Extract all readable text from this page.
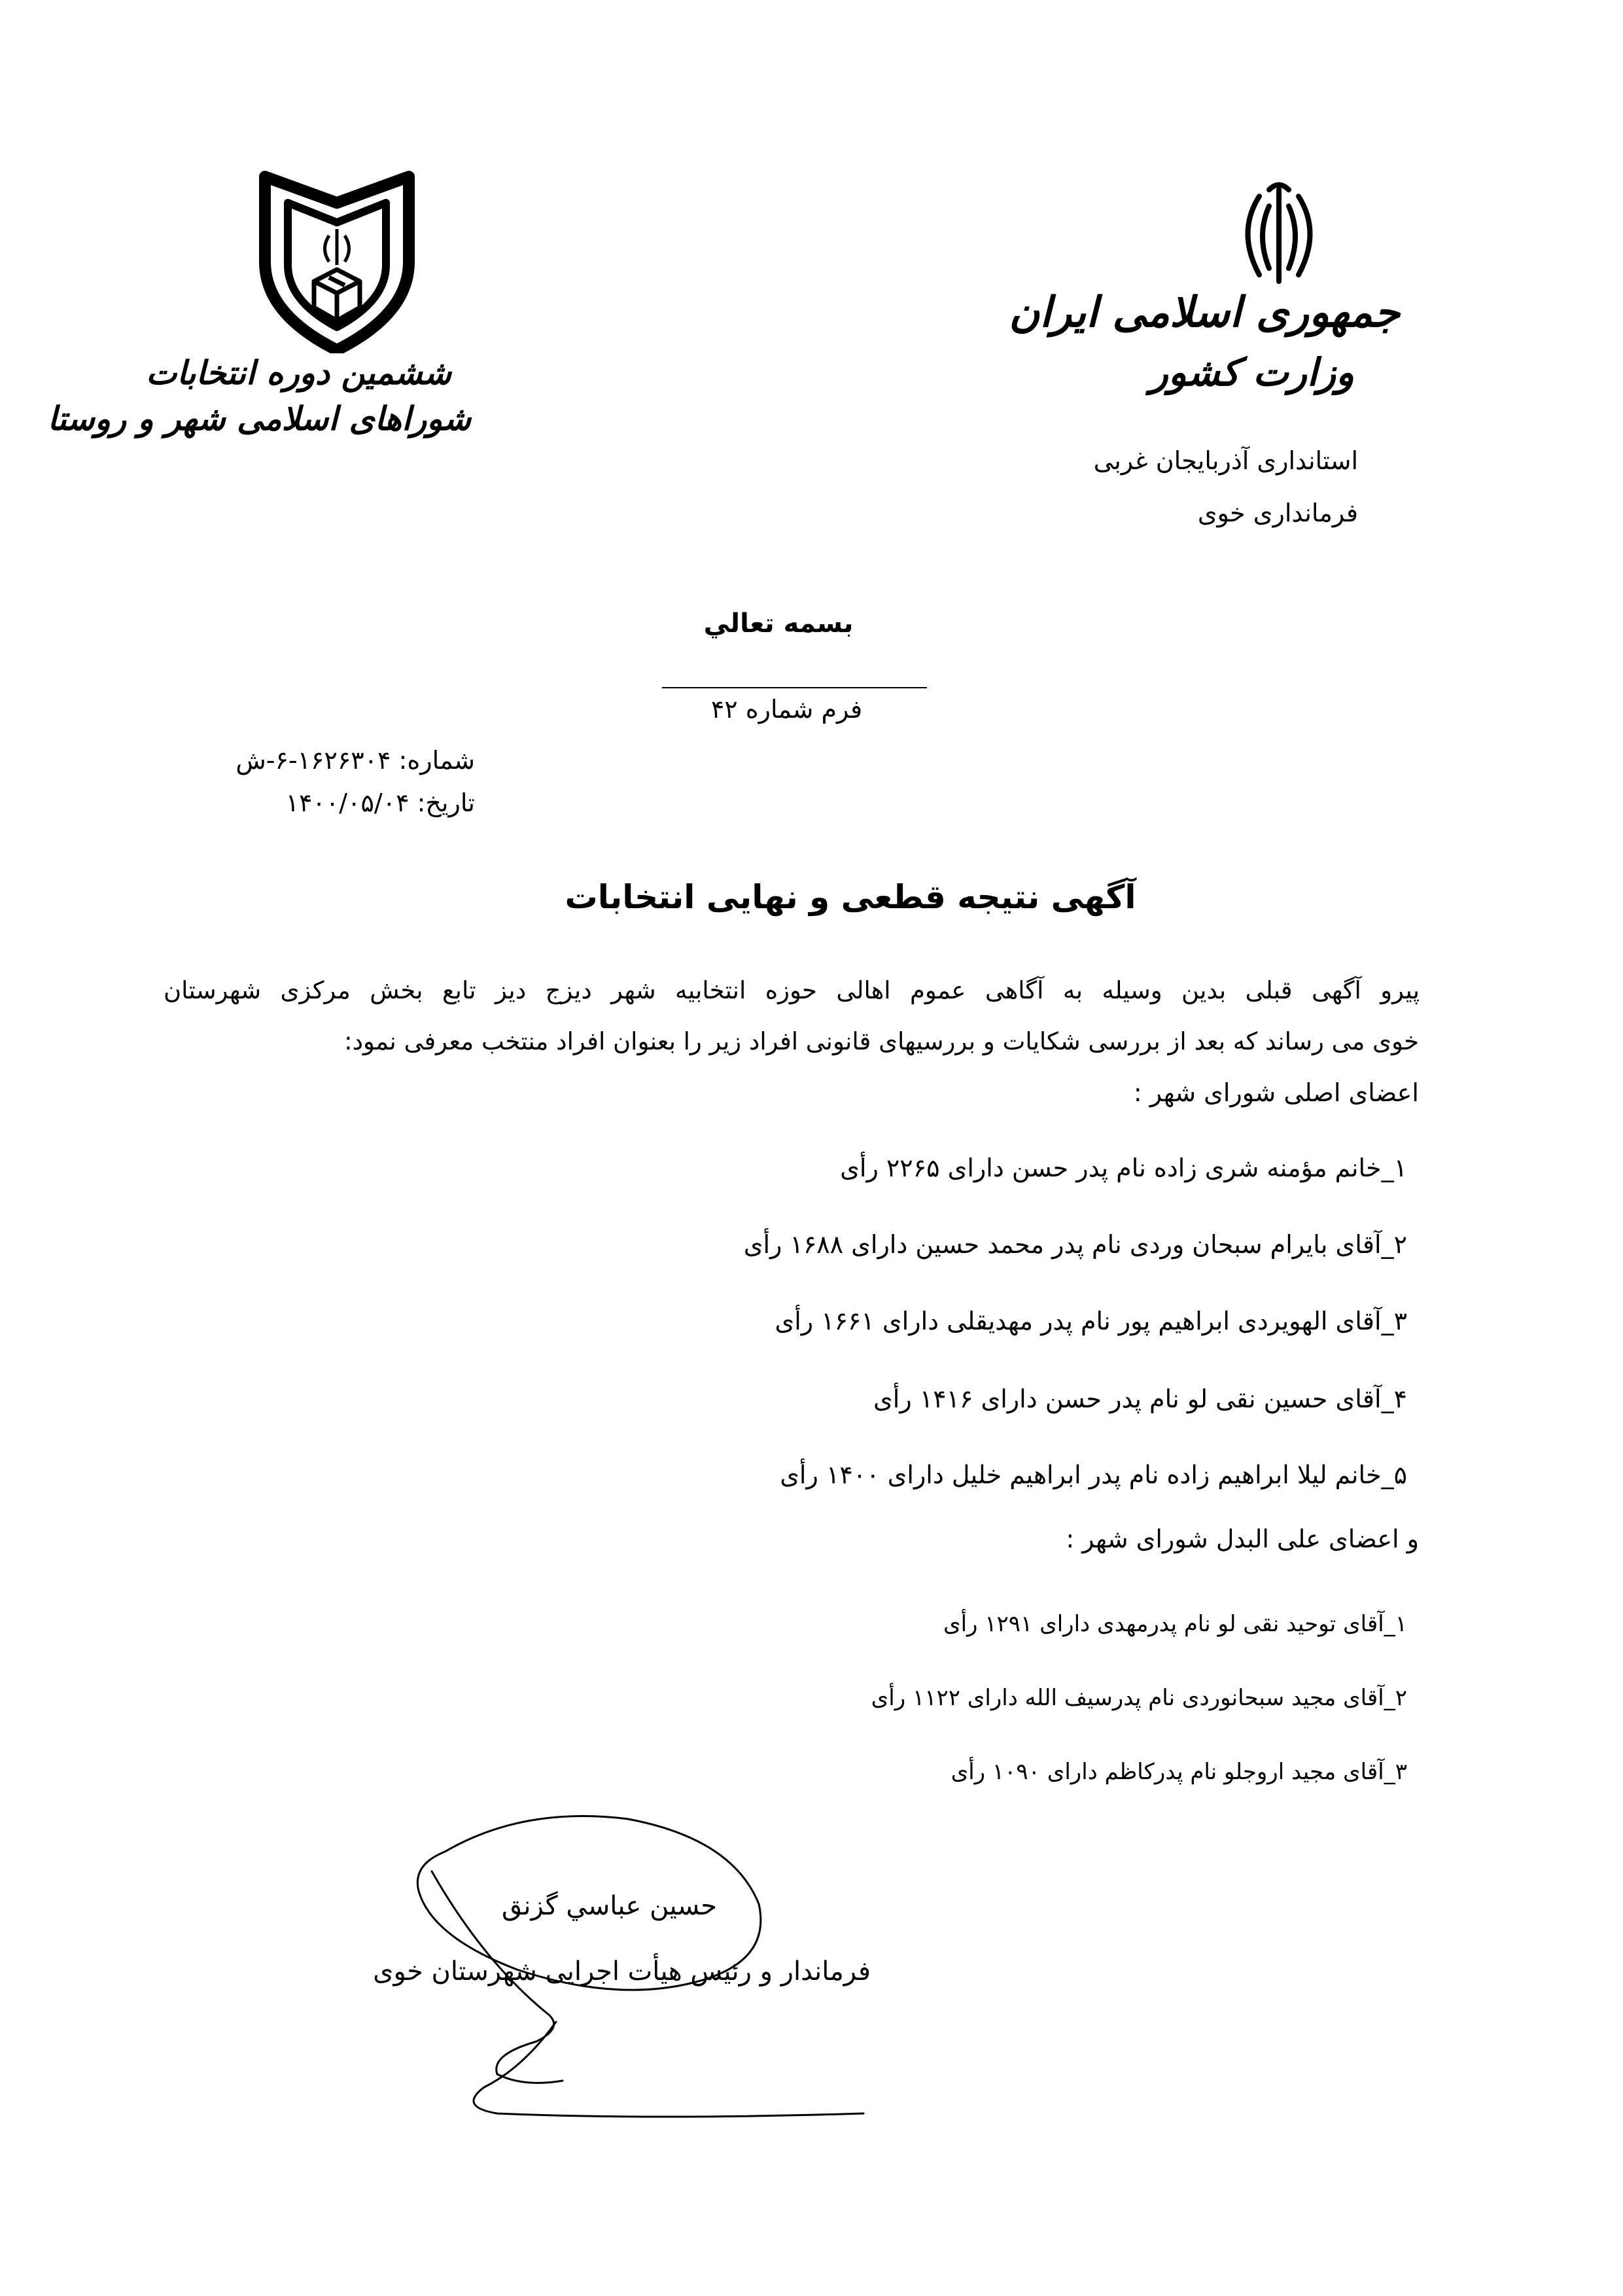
ششمین دوره انتخابات
شوراهای اسلامی شهر و روستا
جمهوری اسلامی ایران
وزارت کشور
استانداری آذربایجان غربی
فرمانداری خوی
بسمه تعالي
فرم شماره ۴۲
شماره: ۱۶۲۶۳۰۴-۶-ش
تاریخ: ۱۴۰۰/۰۵/۰۴
آگهی نتیجه قطعی و نهایی انتخابات
پیرو آگهی قبلی بدین وسیله به آگاهی عموم اهالی حوزه انتخابیه شهر دیزج دیز تابع بخش مرکزی شهرستان
خوی می رساند که بعد از بررسی شکایات و بررسیهای قانونی افراد زیر را بعنوان افراد منتخب معرفی نمود:
اعضای اصلی شورای شهر :
۱_خانم مؤمنه شری زاده نام پدر حسن دارای ۲۲۶۵ رأی
۲_آقای بایرام سبحان وردی نام پدر محمد حسین دارای ۱۶۸۸ رأی
۳_آقای الهویردی ابراهیم پور نام پدر مهدیقلی دارای ۱۶۶۱ رأی
۴_آقای حسین نقی لو نام پدر حسن دارای ۱۴۱۶ رأی
۵_خانم لیلا ابراهیم زاده نام پدر ابراهیم خلیل دارای ۱۴۰۰ رأی
و اعضای علی البدل شورای شهر :
۱_آقای توحید نقی لو نام پدرمهدی دارای ۱۲۹۱ رأی
۲_آقای مجید سبحانوردی نام پدرسیف الله دارای ۱۱۲۲ رأی
۳_آقای مجید اروجلو نام پدرکاظم دارای ۱۰۹۰ رأی
حسین عباسي گزنق
فرماندار و رئیس هیأت اجرایی شهرستان خوی
